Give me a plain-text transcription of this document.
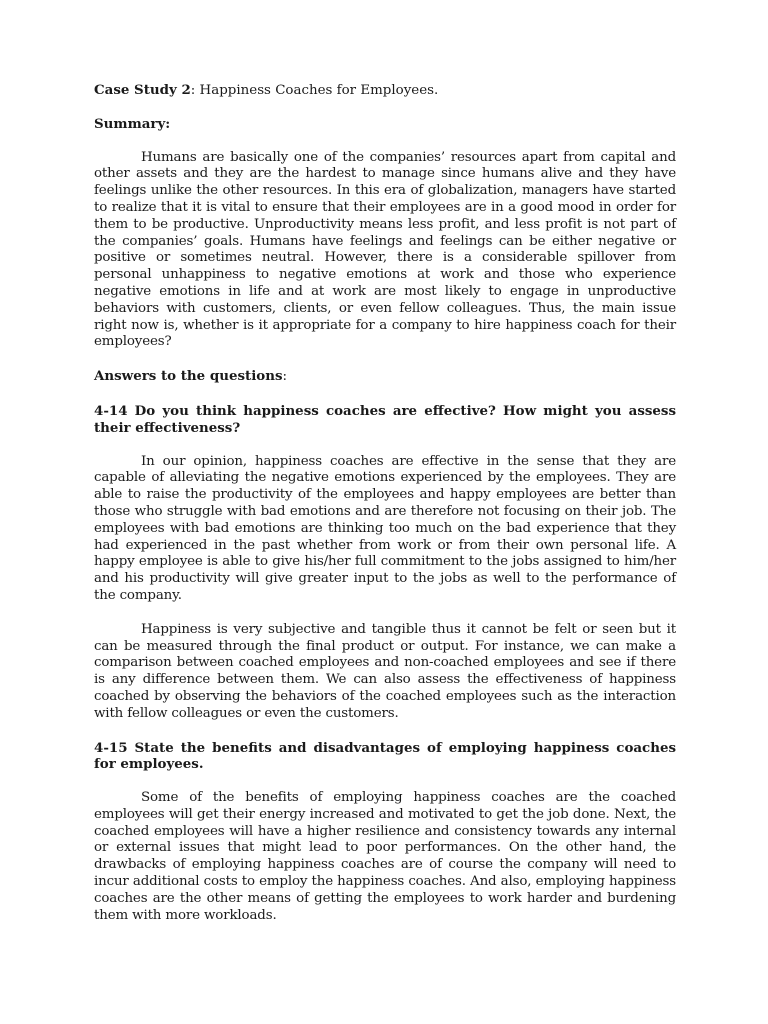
Case Study 2: Happiness Coaches for Employees.

Summary:

Humans are basically one of the companies’ resources apart from capital and other assets and they are the hardest to manage since humans alive and they have feelings unlike the other resources. In this era of globalization, managers have started to realize that it is vital to ensure that their employees are in a good mood in order for them to be productive. Unproductivity means less profit, and less profit is not part of the companies’ goals. Humans have feelings and feelings can be either negative or positive or sometimes neutral. However, there is a considerable spillover from personal unhappiness to negative emotions at work and those who experience negative emotions in life and at work are most likely to engage in unproductive behaviors with customers, clients, or even fellow colleagues. Thus, the main issue right now is, whether is it appropriate for a company to hire happiness coach for their employees?

Answers to the questions:

4-14 Do you think happiness coaches are effective? How might you assess their effectiveness?

In our opinion, happiness coaches are effective in the sense that they are capable of alleviating the negative emotions experienced by the employees. They are able to raise the productivity of the employees and happy employees are better than those who struggle with bad emotions and are therefore not focusing on their job. The employees with bad emotions are thinking too much on the bad experience that they had experienced in the past whether from work or from their own personal life. A happy employee is able to give his/her full commitment to the jobs assigned to him/her and his productivity will give greater input to the jobs as well to the performance of the company.

Happiness is very subjective and tangible thus it cannot be felt or seen but it can be measured through the final product or output. For instance, we can make a comparison between coached employees and non-coached employees and see if there is any difference between them. We can also assess the effectiveness of happiness coached by observing the behaviors of the coached employees such as the interaction with fellow colleagues or even the customers.

4-15 State the benefits and disadvantages of employing happiness coaches for employees.

Some of the benefits of employing happiness coaches are the coached employees will get their energy increased and motivated to get the job done. Next, the coached employees will have a higher resilience and consistency towards any internal or external issues that might lead to poor performances. On the other hand, the drawbacks of employing happiness coaches are of course the company will need to incur additional costs to employ the happiness coaches. And also, employing happiness coaches are the other means of getting the employees to work harder and burdening them with more workloads.
